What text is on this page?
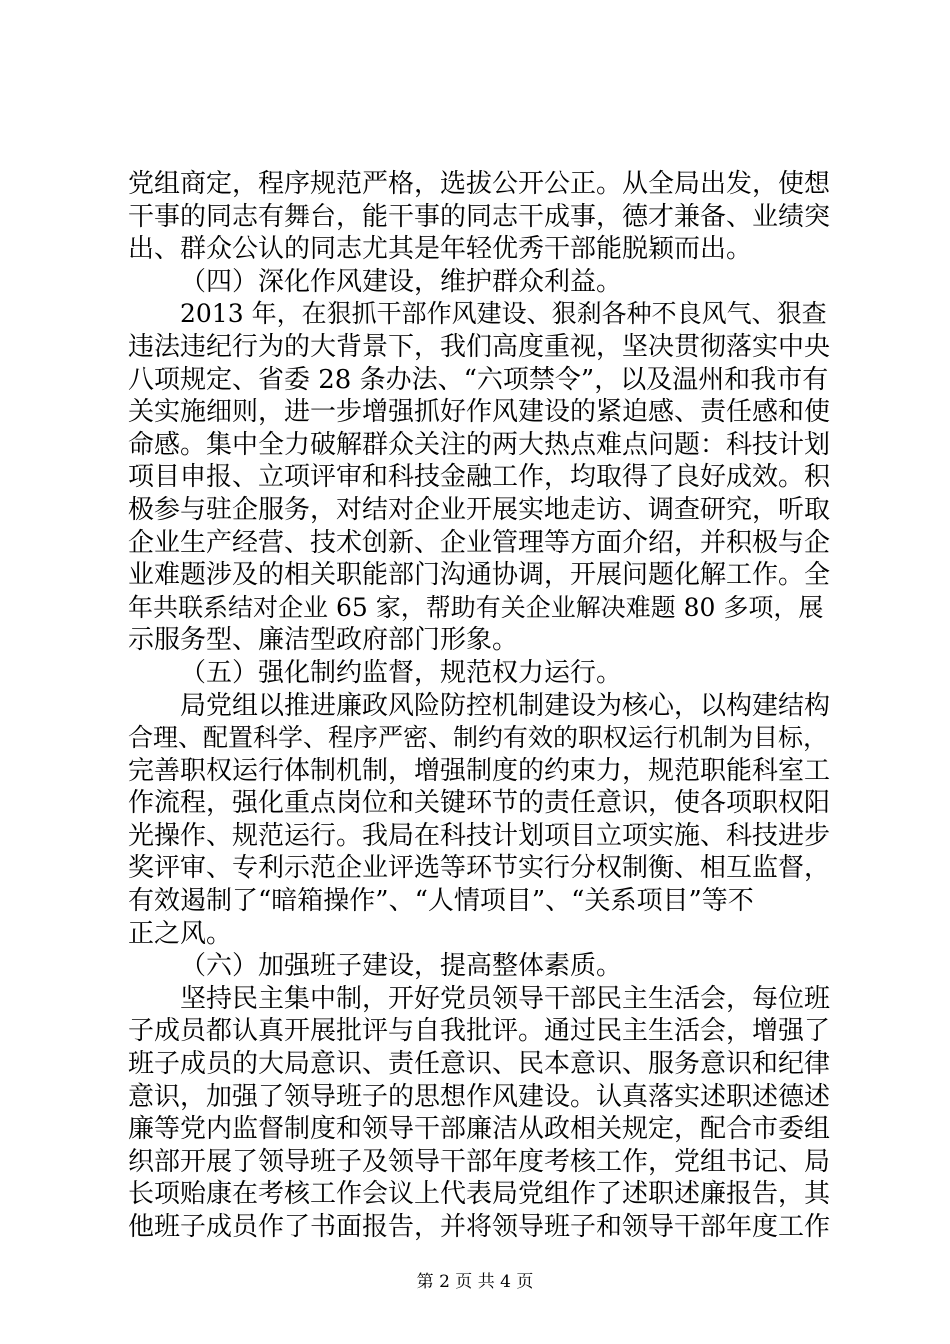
党组商定，程序规范严格，选拔公开公正。从全局出发，使想
干事的同志有舞台，能干事的同志干成事，德才兼备、业绩突
出、群众公认的同志尤其是年轻优秀干部能脱颖而出。
（四）深化作风建设，维护群众利益。
2013 年，在狠抓干部作风建设、狠刹各种不良风气、狠查
违法违纪行为的大背景下，我们高度重视，坚决贯彻落实中央
八项规定、省委 28 条办法、“六项禁令”，以及温州和我市有
关实施细则，进一步增强抓好作风建设的紧迫感、责任感和使
命感。集中全力破解群众关注的两大热点难点问题：科技计划
项目申报、立项评审和科技金融工作，均取得了良好成效。积
极参与驻企服务，对结对企业开展实地走访、调查研究，听取
企业生产经营、技术创新、企业管理等方面介绍，并积极与企
业难题涉及的相关职能部门沟通协调，开展问题化解工作。全
年共联系结对企业 65 家，帮助有关企业解决难题 80 多项，展
示服务型、廉洁型政府部门形象。
（五）强化制约监督，规范权力运行。
局党组以推进廉政风险防控机制建设为核心，以构建结构
合理、配置科学、程序严密、制约有效的职权运行机制为目标，
完善职权运行体制机制，增强制度的约束力，规范职能科室工
作流程，强化重点岗位和关键环节的责任意识，使各项职权阳
光操作、规范运行。我局在科技计划项目立项实施、科技进步
奖评审、专利示范企业评选等环节实行分权制衡、相互监督，
有效遏制了“暗箱操作”、“人情项目”、“关系项目”等不
正之风。
（六）加强班子建设，提高整体素质。
坚持民主集中制，开好党员领导干部民主生活会，每位班
子成员都认真开展批评与自我批评。通过民主生活会，增强了
班子成员的大局意识、责任意识、民本意识、服务意识和纪律
意识，加强了领导班子的思想作风建设。认真落实述职述德述
廉等党内监督制度和领导干部廉洁从政相关规定，配合市委组
织部开展了领导班子及领导干部年度考核工作，党组书记、局
长项贻康在考核工作会议上代表局党组作了述职述廉报告，其
他班子成员作了书面报告，并将领导班子和领导干部年度工作
第 2 页 共 4 页
